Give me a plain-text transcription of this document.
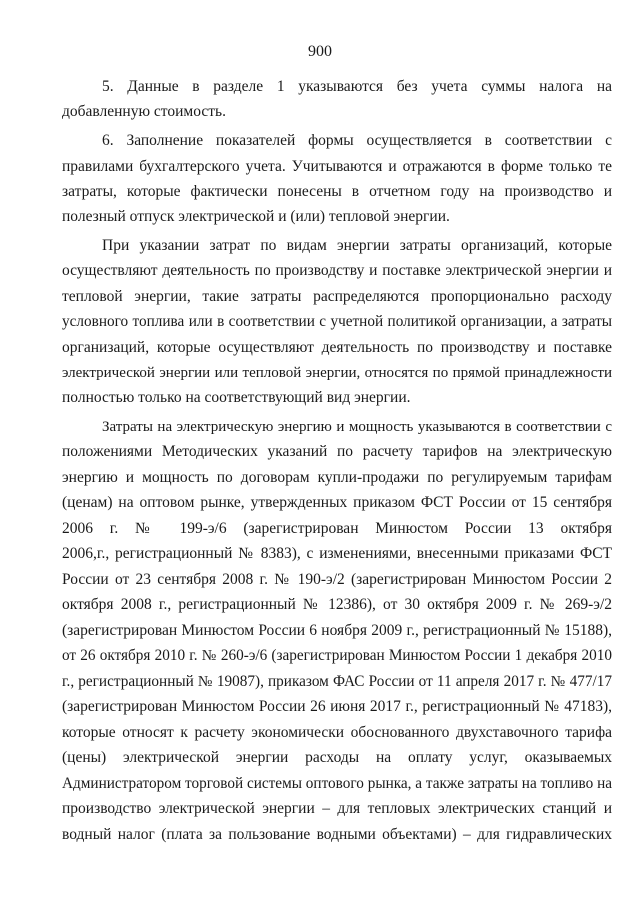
900
5. Данные в разделе 1 указываются без учета суммы налога на
добавленную стоимость.
6. Заполнение показателей формы осуществляется в соответствии с
правилами бухгалтерского учета. Учитываются и отражаются в форме только те
затраты, которые фактически понесены в отчетном году на производство и
полезный отпуск электрической и (или) тепловой энергии.
При указании затрат по видам энергии затраты организаций, которые
осуществляют деятельность по производству и поставке электрической энергии и
тепловой энергии, такие затраты распределяются пропорционально расходу
условного топлива или в соответствии с учетной политикой организации, а затраты
организаций, которые осуществляют деятельность по производству и поставке
электрической энергии или тепловой энергии, относятся по прямой принадлежности
полностью только на соответствующий вид энергии.
Затраты на электрическую энергию и мощность указываются в соответствии с
положениями Методических указаний по расчету тарифов на электрическую
энергию и мощность по договорам купли-продажи по регулируемым тарифам
(ценам) на оптовом рынке, утвержденных приказом ФСТ России от 15 сентября
2006 г. № 199-э/6 (зарегистрирован Минюстом России 13 октября
2006,г., регистрационный № 8383), с изменениями, внесенными приказами ФСТ
России от 23 сентября 2008 г. № 190-э/2 (зарегистрирован Минюстом России 2
октября 2008 г., регистрационный № 12386), от 30 октября 2009 г. № 269-э/2
(зарегистрирован Минюстом России 6 ноября 2009 г., регистрационный № 15188),
от 26 октября 2010 г. № 260-э/6 (зарегистрирован Минюстом России 1 декабря 2010
г., регистрационный № 19087), приказом ФАС России от 11 апреля 2017 г. № 477/17
(зарегистрирован Минюстом России 26 июня 2017 г., регистрационный № 47183),
которые относят к расчету экономически обоснованного двухставочного тарифа
(цены) электрической энергии расходы на оплату услуг, оказываемых
Администратором торговой системы оптового рынка, а также затраты на топливо на
производство электрической энергии – для тепловых электрических станций и
водный налог (плата за пользование водными объектами) – для гидравлических
